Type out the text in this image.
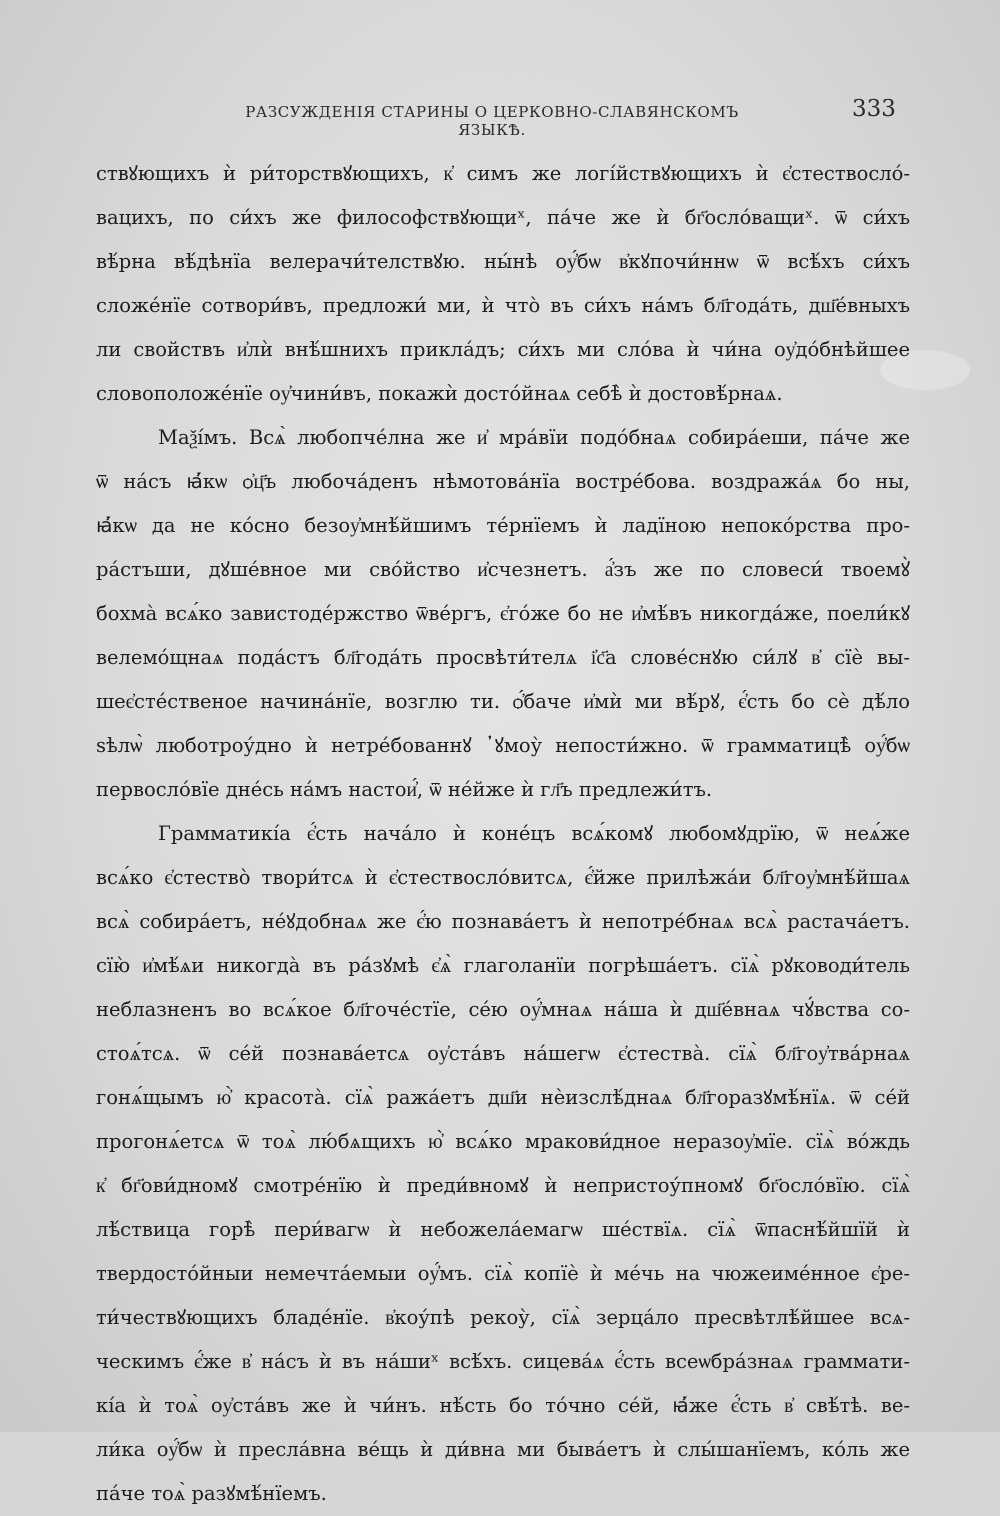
РАЗСУЖДЕНІЯ СТАРИНЫ О ЦЕРКОВНО-СЛАВЯНСКОМЪ ЯЗЫКѢ.
333
ствꙋющихъ ѝ ри́торствꙋющихъ, к҆ симъ же логі́йствꙋющихъ ѝ є҆стествосло́-
вацихъ, по си́хъ же философствꙋющиˣ, па́че же ѝ бг҃осло́ващиˣ. ѿ си́хъ
вѣ́рна вѣ́дѣнїа велерачи́телствꙋю. ны́нѣ оу҆́бѡ в҆кꙋпочи́ннѡ ѿ всѣ́хъ си́хъ
сложе́нїе сотвори́въ, предложи́ ми, ѝ что̀ въ си́хъ на́мъ бл҃года́ть, дш҃е́вныхъ
ли свойствъ и҆лѝ внѣ́шнихъ прикла́дъ; си́хъ ми сло́ва ѝ чи́на оу҆до́бнѣйшее
словоположе́нїе оу҆чини́въ, покажѝ досто́йнаѧ себѣ̀ ѝ достовѣ́рнаѧ.
Маѯі́мъ. Всѧ̀ любопче́лна же и҆ мра́вїи подо́бнаѧ собира́еши, па́че же
ѿ на́съ ꙗ҆́кѡ ѻ҆ц҃ъ любоча́денъ нѣмотова́нїа востре́бова. воздража́ѧ бо ны,
ꙗ҆́кѡ да не ко́сно безоу҆мнѣ́йшимъ те́рнїемъ ѝ ладїною непоко́рства про-
ра́стъши, дꙋше́вное ми сво́йство и҆счезнетъ. а҆́зъ же по словеси́ твоемꙋ̀
бохма̀ всѧ́ко завистоде́ржство ѿве́ргъ, є҆го́же бо не и҆мѣ́въ никогда́же, поели́кꙋ
велемо́щнаѧ пода́стъ бл҃года́ть просвѣти́телѧ і҆с҃а слове́снꙋю си́лꙋ в҆ сїѐ вы-
шеє҆сте́ственое начина́нїе, возглю ти. ѻ҆́баче и҆мѝ ми вѣ́рꙋ, є҆́сть бо сѐ дѣ́ло
ѕѣлѡ̀ люботроу́дно ѝ нетре́бованнꙋ ᾿ꙋмоу̀ непости́жно. ѿ грамматицѣ̀ оу҆́бѡ
первосло́вїе дне́сь на́мъ настои҆́, ѿ не́йже ѝ гл҃ъ предлежи́тъ.
Грамматикі́а є҆́сть нача́ло ѝ коне́цъ всѧ́комꙋ любомꙋдрїю, ѿ неѧ́же
всѧ́ко є҆стество̀ твори́тсѧ ѝ є҆стествосло́витсѧ, є҆́йже прилѣжа́и бл҃гоу҆мнѣ́йшаѧ
всѧ̀ собира́етъ, не́ꙋдобнаѧ же є҆́ю познава́етъ ѝ непотре́бнаѧ всѧ̀ растача́етъ.
сїю̀ и҆мѣ́ѧи никогда̀ въ ра́зꙋмѣ є҆ѧ̀ глаголанїи погрѣша́етъ. сїѧ̀ рꙋководи́тель
неблазненъ во всѧ́кое бл҃гоче́стїе, се́ю оу҆́мнаѧ на́ша ѝ дш҃е́внаѧ чꙋ́вства со-
стоѧ́тсѧ. ѿ се́й познава́етсѧ оу҆ста́въ на́шегѡ є҆стества̀. сїѧ̀ бл҃гоу҆тва́рнаѧ
гонѧ́щымъ ю҆̀ красота̀. сїѧ̀ ража́етъ дш҃и нѐизслѣ́днаѧ бл҃горазꙋмѣ́нїѧ. ѿ се́й
прогонѧ́етсѧ ѿ тоѧ̀ лю́бѧщихъ ю҆̀ всѧ́ко мракови́дное неразоу҆мїе. сїѧ̀ во́ждь
к҆ бг҃ови́дномꙋ смотре́нїю ѝ преди́вномꙋ ѝ непристоу́пномꙋ бг҃осло́вїю. сїѧ̀
лѣ́ствица горѣ̀ пери́вагѡ ѝ небожела́емагѡ ше́ствїѧ. сїѧ̀ ѿпаснѣ́йшїй ѝ
твердосто́йныи немечта́емыи оу҆́мъ. сїѧ̀ копїѐ ѝ ме́чь на чюжеиме́нное є҆ре-
ти́чествꙋющихъ бладе́нїе. в҆коу́пѣ рекоу̀, сїѧ̀ зерца́ло пресвѣтлѣ́йшее всѧ-
ческимъ є҆́же в҆ на́съ ѝ въ на́шиˣ всѣ́хъ. сицева́ѧ є҆́сть всеѡбра́знаѧ граммати-
кі́а ѝ тоѧ̀ оу҆ста́въ же ѝ чи́нъ. нѣ́сть бо то́чно се́й, ꙗ҆́же є҆́сть в҆ свѣ́тѣ. ве-
ли́ка оу҆́бѡ ѝ пресла́вна ве́щь ѝ ди́вна ми быва́етъ ѝ слы́шанїемъ, ко́ль же
па́че тоѧ̀ разꙋмѣ́нїемъ.
